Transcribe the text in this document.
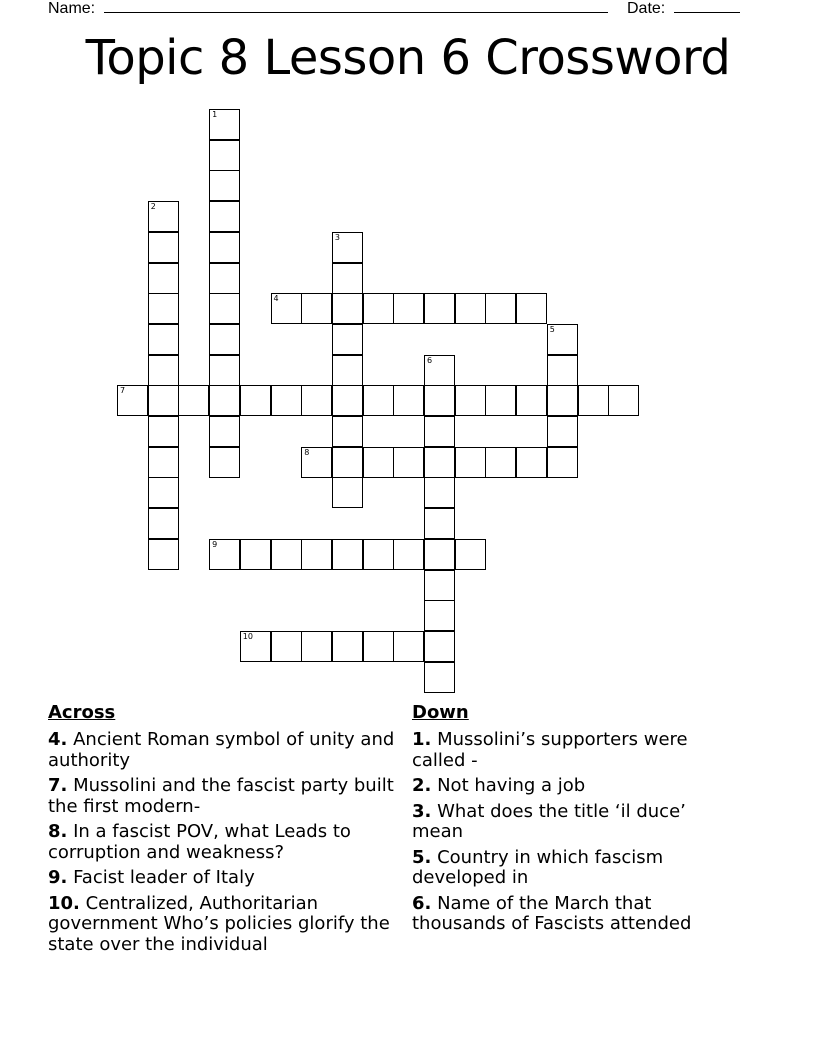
Name:	Date:
Topic 8 Lesson 6 Crossword
1
2
3
4
5
6
7
8
9
10
Across
4. Ancient Roman symbol of unity and authority
7. Mussolini and the fascist party built the first modern-
8. In a fascist POV, what Leads to corruption and weakness?
9. Facist leader of Italy
10. Centralized, Authoritarian government Who’s policies glorify the state over the individual
Down
1. Mussolini’s supporters were called -
2. Not having a job
3. What does the title ‘il duce’ mean
5. Country in which fascism developed in
6. Name of the March that thousands of Fascists attended
